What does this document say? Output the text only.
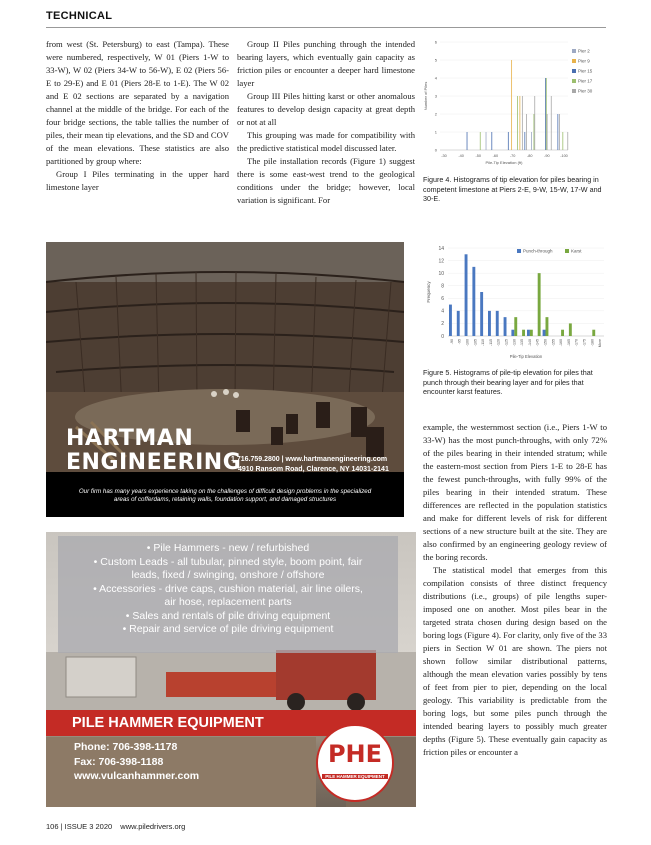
TECHNICAL

from west (St. Petersburg) to east (Tampa). These were numbered, respectively, W 01 (Piers 1-W to 33-W), W 02 (Piers 34-W to 56-W), E 02 (Piers 56-E to 29-E) and E 01 (Piers 28-E to 1-E). The W 02 and E 02 sections are separated by a navigation channel at the middle of the bridge. For each of the four bridge sections, the table tallies the number of piles, their mean tip elevations, and the SD and COV of the mean elevations. These statistics are also partitioned by group where:

Group I Piles terminating in the upper hard limestone layer

Group II Piles punching through the intended bearing layers, which eventually gain capacity as friction piles or encounter a deeper hard limestone layer

Group III Piles hitting karst or other anomalous features to develop design capacity at great depth or not at all

This grouping was made for compatibility with the predictive statistical model discussed later.

The pile installation records (Figure 1) suggest there is some east-west trend to the geological conditions under the bridge; however, local variation is significant. For

Number of Piles
0
1
2
3
4
5
6
-30	-40	-50	-60	-70	-80	-90	-100
Pile-Tip Elevation (ft)
Pier 2
Pier 9
Pier 15
Pier 17
Pier 30
Figure 4. Histograms of tip elevation for piles bearing in competent limestone at Piers 2-E, 9-W, 15-W, 17-W and 30-E.
Frequency
0
2
4
6
8
10
12
14
-90 -95 -100 -105 -110 -115 -120 -125 -130 -135 -140 -145 -150 -155 -160 -165 -170 -175 -180 More
Pile-Tip Elevation
Punch-through	Karst
Figure 5. Histograms of pile-tip elevation for piles that punch through their bearing layer and for piles that encounter karst features.

example, the westernmost section (i.e., Piers 1-W to 33-W) has the most punch-throughs, with only 72% of the piles bearing in their intended stratum; while the eastern-most section from Piers 1-E to 28-E has the fewest punch-throughs, with fully 99% of the piles bearing in their intended stratum. These differences are reflected in the population statistics and make for different levels of risk for different sections of a new structure built at the site. They are also confirmed by an engineering geology review of the boring records.

The statistical model that emerges from this compilation consists of three distinct frequency distributions (i.e., groups) of pile lengths super-imposed one on another. Most piles bear in the targeted strata chosen during design based on the boring logs (Figure 4). For clarity, only five of the 33 piers in Section W 01 are shown. The piers not shown follow similar distributional patterns, although the mean elevation varies possibly by tens of feet from pier to pier, depending on the local geology. This variability is predictable from the boring logs, but some piles punch through the intended bearing layers to possibly much greater depths (Figure 5). These eventually gain capacity as friction piles or encounter a

HARTMAN
ENGINEERING
1.716.759.2800 | www.hartmanengineering.com
4910 Ransom Road, Clarence, NY 14031-2141
Our firm has many years experience taking on the challenges of difficult design problems in the specialized areas of cofferdams, retaining walls, foundation support, and damaged structures
• Pile Hammers - new / refurbished
• Custom Leads - all tubular, pinned style, boom point, fair
leads, fixed / swinging, onshore / offshore
• Accessories - drive caps, cushion material, air line oilers,
air hose, replacement parts
• Sales and rentals of pile driving equipment
• Repair and service of pile driving equipment
PILE HAMMER EQUIPMENT
Phone: 706-398-1178
Fax: 706-398-1188
www.vulcanhammer.com
PHE
PILE HAMMER EQUIPMENT
106 | ISSUE 3 2020 www.piledrivers.org
